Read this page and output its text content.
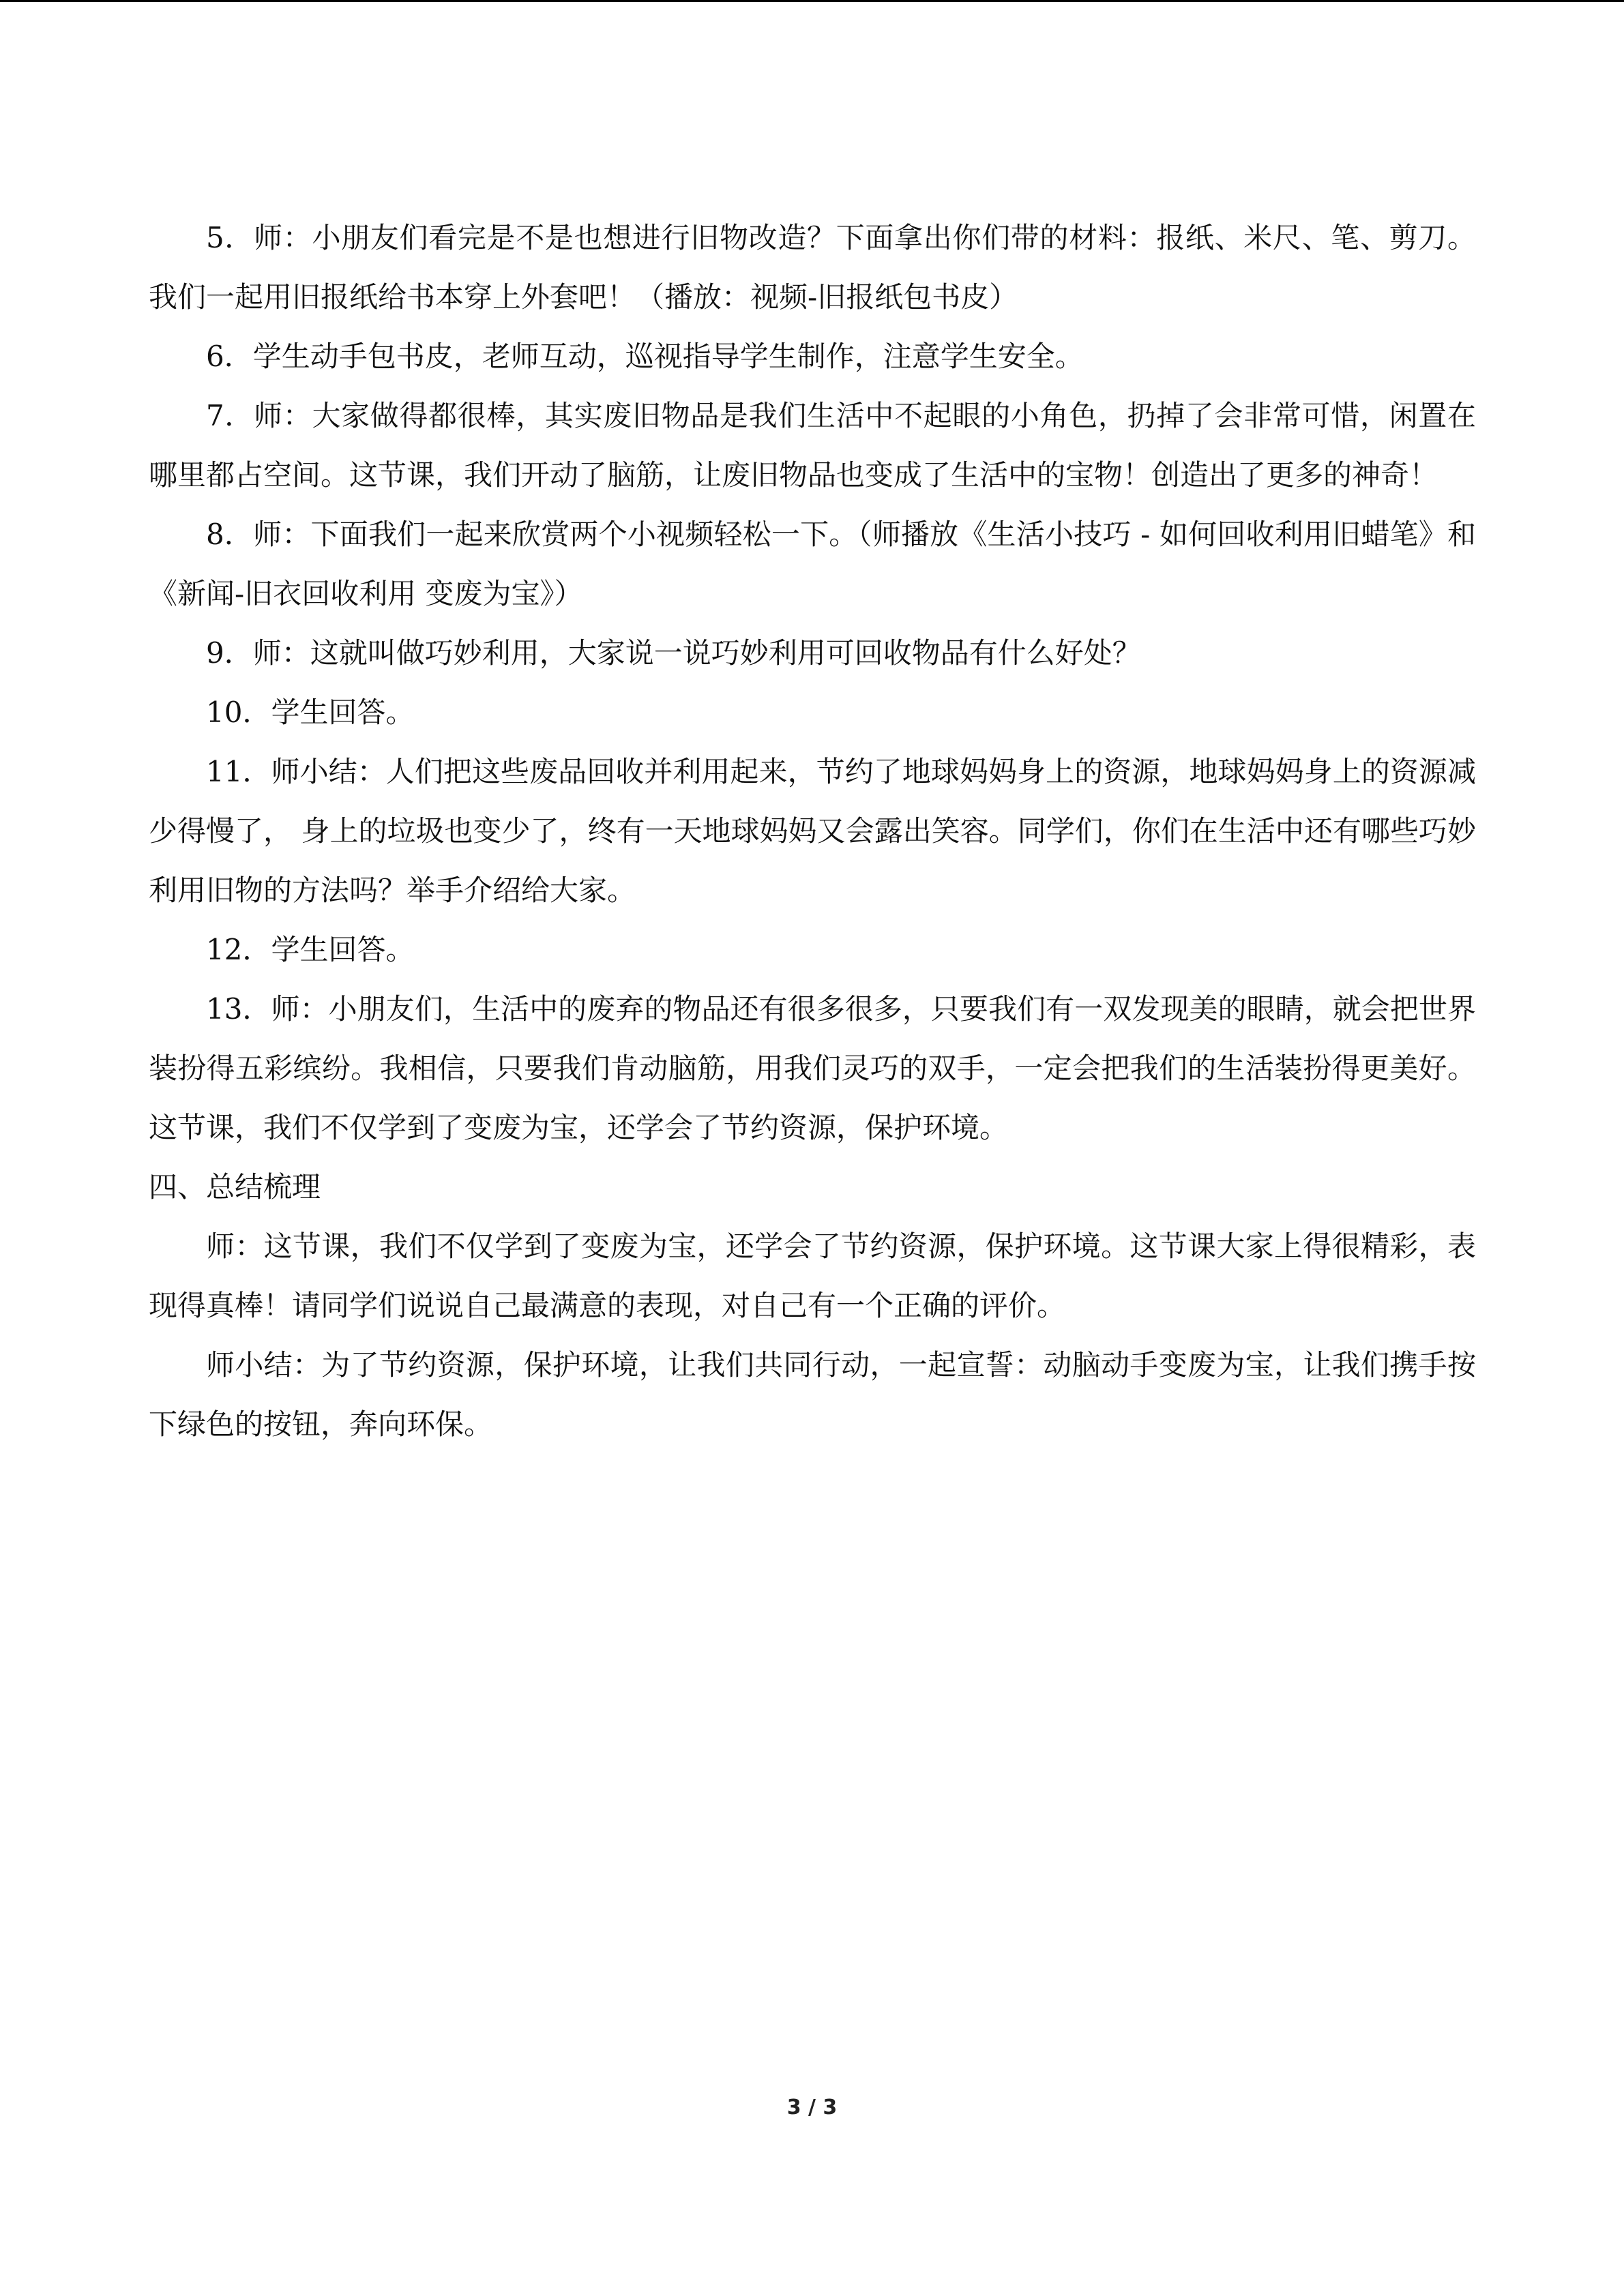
5．师：小朋友们看完是不是也想进行旧物改造？下面拿出你们带的材料：报纸、米尺、笔、剪刀。我们一起用旧报纸给书本穿上外套吧！（播放：视频-旧报纸包书皮）

6．学生动手包书皮，老师互动，巡视指导学生制作，注意学生安全。

7．师：大家做得都很棒，其实废旧物品是我们生活中不起眼的小角色，扔掉了会非常可惜，闲置在哪里都占空间。这节课，我们开动了脑筋，让废旧物品也变成了生活中的宝物！创造出了更多的神奇！

8．师：下面我们一起来欣赏两个小视频轻松一下。（师播放《生活小技巧 - 如何回收利用旧蜡笔》和《新闻-旧衣回收利用 变废为宝》）

9．师：这就叫做巧妙利用，大家说一说巧妙利用可回收物品有什么好处？

10．学生回答。

11．师小结：人们把这些废品回收并利用起来，节约了地球妈妈身上的资源，地球妈妈身上的资源减少得慢了， 身上的垃圾也变少了，终有一天地球妈妈又会露出笑容。同学们，你们在生活中还有哪些巧妙利用旧物的方法吗？举手介绍给大家。

12．学生回答。

13．师：小朋友们，生活中的废弃的物品还有很多很多，只要我们有一双发现美的眼睛，就会把世界装扮得五彩缤纷。我相信，只要我们肯动脑筋，用我们灵巧的双手，一定会把我们的生活装扮得更美好。这节课，我们不仅学到了变废为宝，还学会了节约资源，保护环境。

四、总结梳理

师：这节课，我们不仅学到了变废为宝，还学会了节约资源，保护环境。这节课大家上得很精彩，表现得真棒！请同学们说说自己最满意的表现，对自己有一个正确的评价。

师小结：为了节约资源，保护环境，让我们共同行动，一起宣誓：动脑动手变废为宝，让我们携手按下绿色的按钮，奔向环保。

3 / 3
